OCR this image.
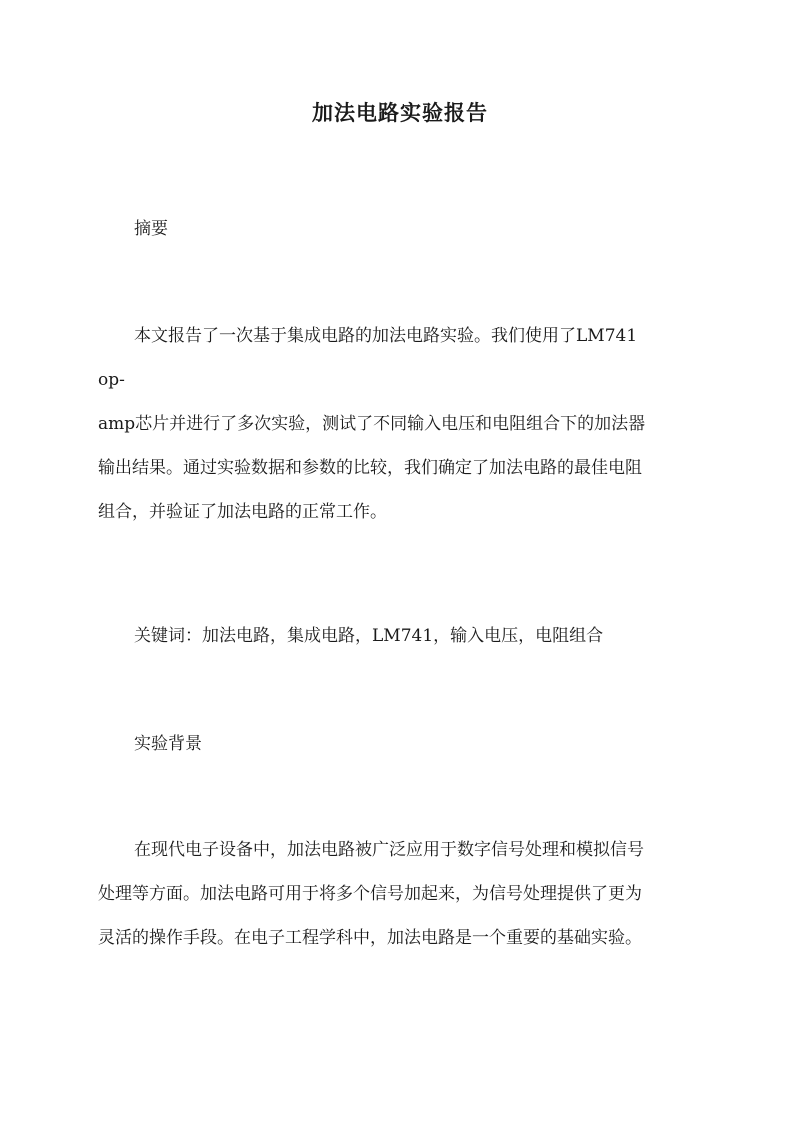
加法电路实验报告
摘要
本文报告了一次基于集成电路的加法电路实验。我们使用了LM741
op-
amp芯片并进行了多次实验，测试了不同输入电压和电阻组合下的加法器
输出结果。通过实验数据和参数的比较，我们确定了加法电路的最佳电阻
组合，并验证了加法电路的正常工作。
关键词：加法电路，集成电路，LM741，输入电压，电阻组合
实验背景
在现代电子设备中，加法电路被广泛应用于数字信号处理和模拟信号
处理等方面。加法电路可用于将多个信号加起来，为信号处理提供了更为
灵活的操作手段。在电子工程学科中，加法电路是一个重要的基础实验。
